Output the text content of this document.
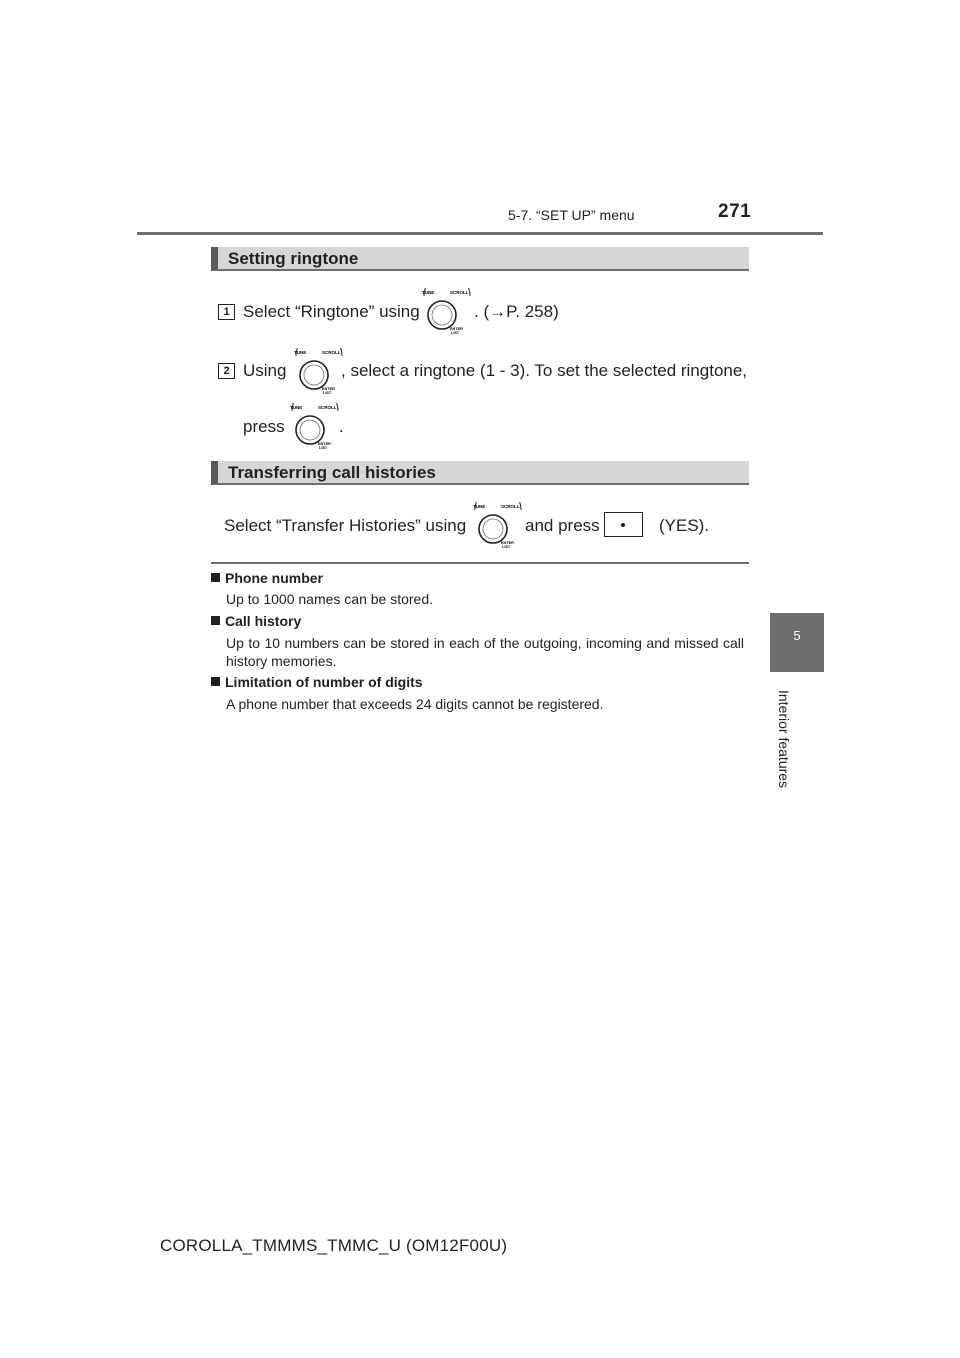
5-7. “SET UP” menu	271
5
Interior features
Setting ringtone
1 Select “Ringtone” using
TUNE	SCROLL
ENTER
LIST
. (→P. 258)
2 Using
TUNE	SCROLL
ENTER
LIST
, select a ringtone (1 - 3). To set the selected ringtone,
press
TUNE	SCROLL
ENTER
LIST
.
Transferring call histories
Select “Transfer Histories” using
TUNE	SCROLL
ENTER
LIST
and press	(YES).
Phone number
Up to 1000 names can be stored.
Call history
Up to 10 numbers can be stored in each of the outgoing, incoming and missed call history memories.
Limitation of number of digits
A phone number that exceeds 24 digits cannot be registered.
COROLLA_TMMMS_TMMC_U (OM12F00U)
